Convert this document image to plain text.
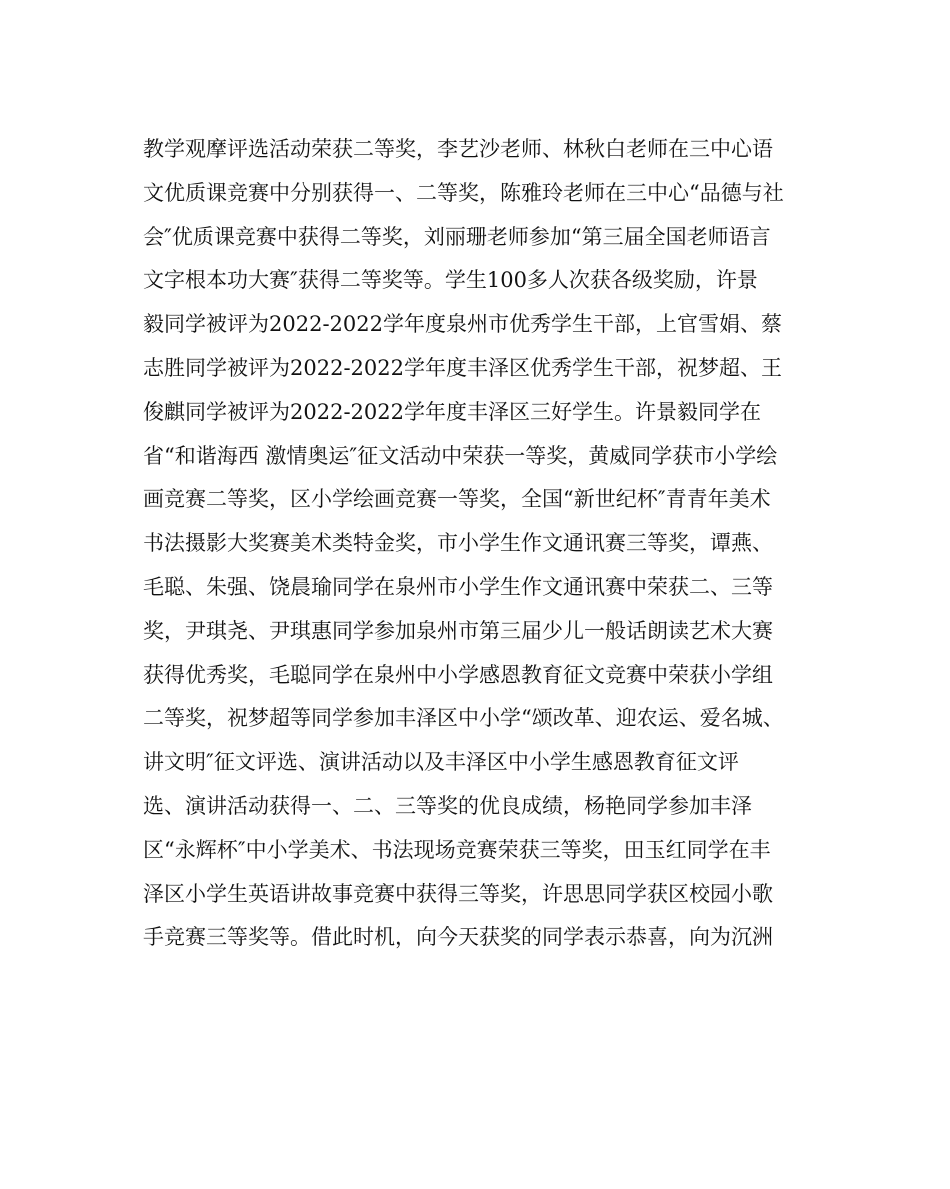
教学观摩评选活动荣获二等奖，李艺沙老师、林秋白老师在三中心语
文优质课竞赛中分别获得一、二等奖，陈雅玲老师在三中心“品德与社
会″优质课竞赛中获得二等奖，刘丽珊老师参加“第三届全国老师语言
文字根本功大赛″获得二等奖等。学生100多人次获各级奖励，许景
毅同学被评为2022-2022学年度泉州市优秀学生干部，上官雪娟、蔡
志胜同学被评为2022-2022学年度丰泽区优秀学生干部，祝梦超、王
俊麒同学被评为2022-2022学年度丰泽区三好学生。许景毅同学在
省“和谐海西 激情奥运″征文活动中荣获一等奖，黄威同学获市小学绘
画竞赛二等奖，区小学绘画竞赛一等奖，全国“新世纪杯″青青年美术
书法摄影大奖赛美术类特金奖，市小学生作文通讯赛三等奖，谭燕、
毛聪、朱强、饶晨瑜同学在泉州市小学生作文通讯赛中荣获二、三等
奖，尹琪尧、尹琪惠同学参加泉州市第三届少儿一般话朗读艺术大赛
获得优秀奖，毛聪同学在泉州中小学感恩教育征文竞赛中荣获小学组
二等奖，祝梦超等同学参加丰泽区中小学“颂改革、迎农运、爱名城、
讲文明″征文评选、演讲活动以及丰泽区中小学生感恩教育征文评
选、演讲活动获得一、二、三等奖的优良成绩，杨艳同学参加丰泽
区“永辉杯″中小学美术、书法现场竞赛荣获三等奖，田玉红同学在丰
泽区小学生英语讲故事竞赛中获得三等奖，许思思同学获区校园小歌
手竞赛三等奖等。借此时机，向今天获奖的同学表示恭喜，向为沉洲
